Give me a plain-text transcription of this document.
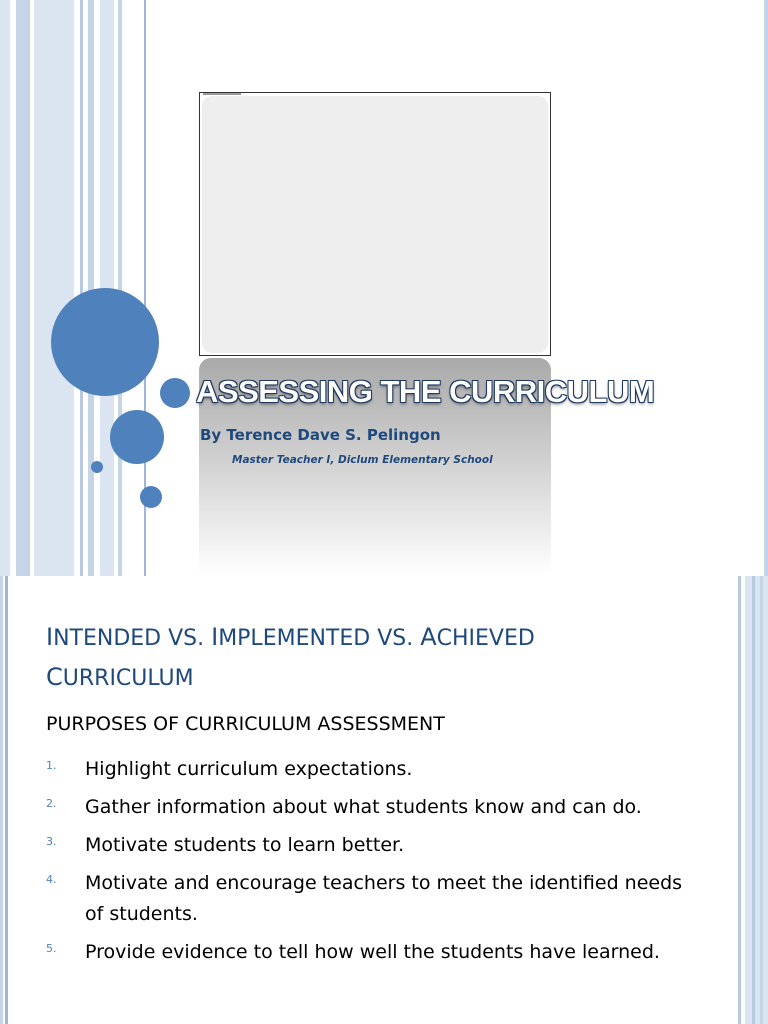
ASSESSING THE CURRICULUM
By Terence Dave S. Pelingon
Master Teacher I, Diclum Elementary School
INTENDED VS. IMPLEMENTED VS. ACHIEVED
CURRICULUM
PURPOSES OF CURRICULUM ASSESSMENT
1. Highlight curriculum expectations.
2. Gather information about what students know and can do.
3. Motivate students to learn better.
4. Motivate and encourage teachers to meet the identified needs of students.
5. Provide evidence to tell how well the students have learned.
